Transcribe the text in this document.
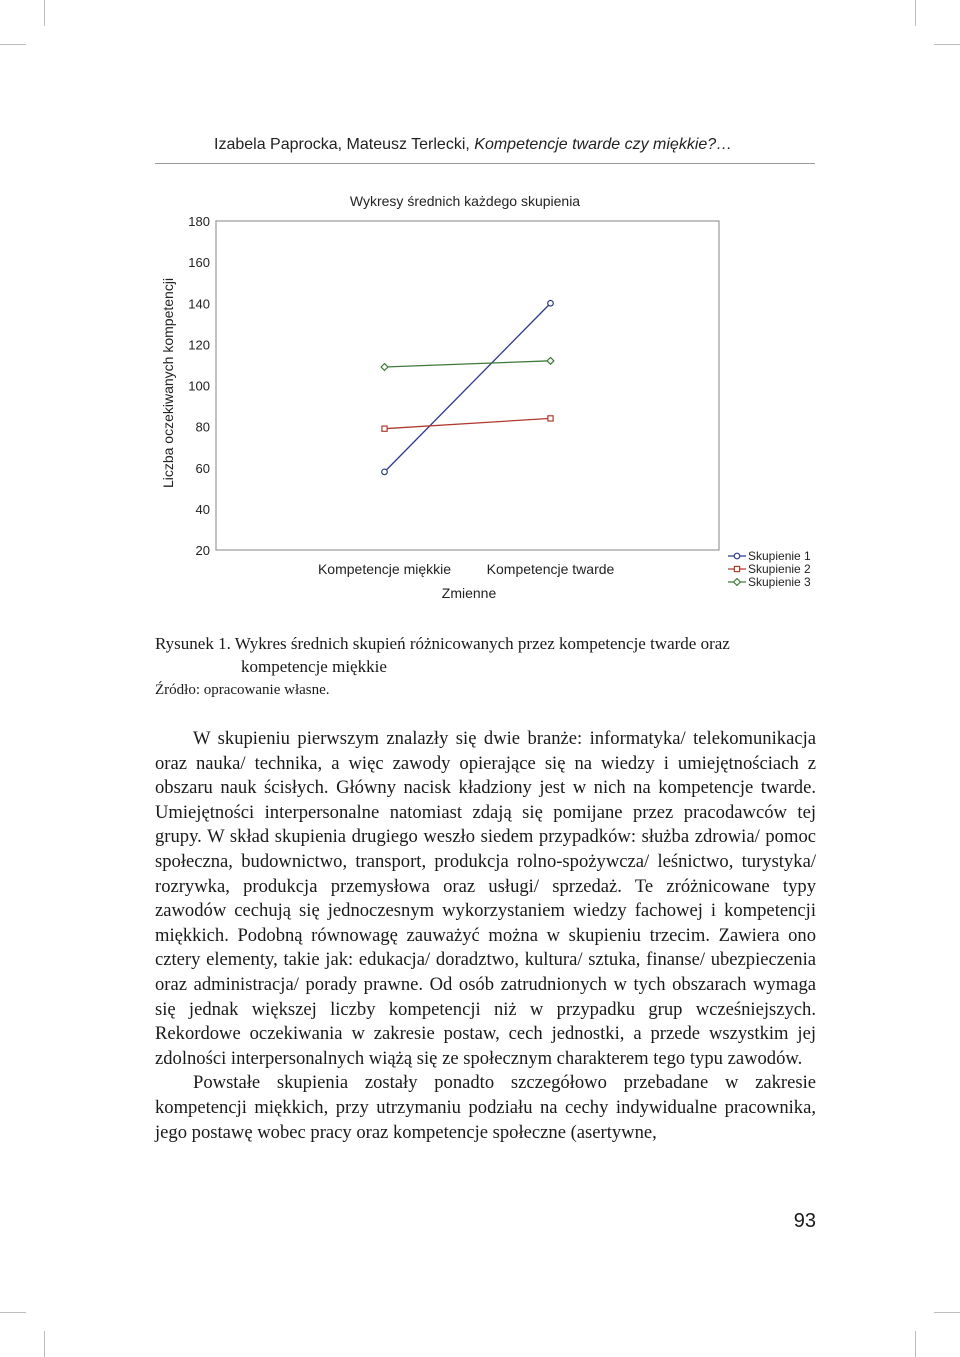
Izabela Paprocka, Mateusz Terlecki, Kompetencje twarde czy miękkie?…
Wykresy średnich każdego skupienia
Liczba oczekiwanych kompetencji
Zmienne
20
40
60
80
100
120
140
160
180
Kompetencje miękkie	Kompetencje twarde
Skupienie 1
Skupienie 2
Skupienie 3
Rysunek 1. Wykres średnich skupień różnicowanych przez kompetencje twarde oraz
kompetencje miękkie
Źródło: opracowanie własne.

W skupieniu pierwszym znalazły się dwie branże: informatyka/ telekomunikacja oraz nauka/ technika, a więc zawody opierające się na wiedzy i umiejętnościach z obszaru nauk ścisłych. Główny nacisk kładziony jest w nich na kompetencje twarde. Umiejętności interpersonalne natomiast zdają się pomijane przez pracodawców tej grupy. W skład skupienia drugiego weszło siedem przypadków: służba zdrowia/ pomoc społeczna, budownictwo, transport, produkcja rolno-spożywcza/ leśnictwo, turystyka/ rozrywka, produkcja przemysłowa oraz usługi/ sprzedaż. Te zróżnicowane typy zawodów cechują się jednoczesnym wykorzystaniem wiedzy fachowej i kompetencji miękkich. Podobną równowagę zauważyć można w skupieniu trzecim. Zawiera ono cztery elementy, takie jak: edukacja/ doradztwo, kultura/ sztuka, finanse/ ubezpieczenia oraz administracja/ porady prawne. Od osób zatrudnionych w tych obszarach wymaga się jednak większej liczby kompetencji niż w przypadku grup wcześniejszych. Rekordowe oczekiwania w zakresie postaw, cech jednostki, a przede wszystkim jej zdolności interpersonalnych wiążą się ze społecznym charakterem tego typu zawodów.

Powstałe skupienia zostały ponadto szczegółowo przebadane w zakresie kompetencji miękkich, przy utrzymaniu podziału na cechy indywidualne pracownika, jego postawę wobec pracy oraz kompetencje społeczne (asertywne,

93
